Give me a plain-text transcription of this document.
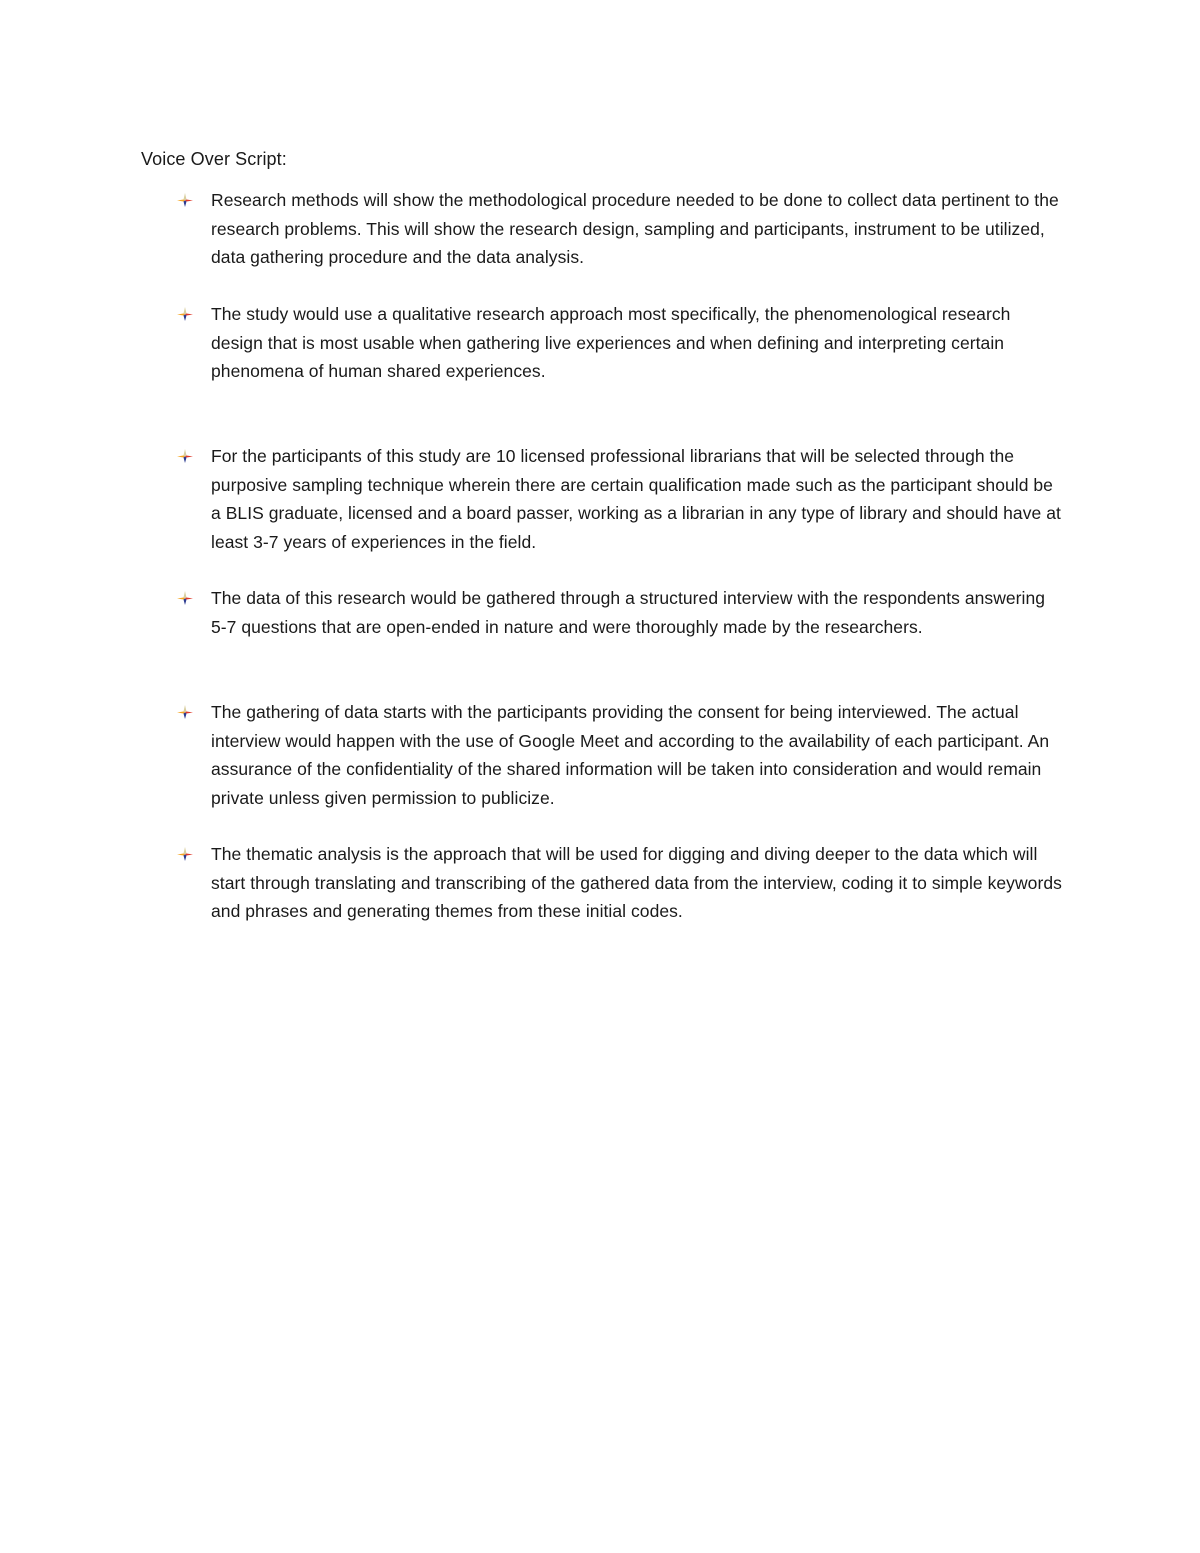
Voice Over Script:

Research methods will show the methodological procedure needed to be done to collect data pertinent to the research problems. This will show the research design, sampling and participants, instrument to be utilized, data gathering procedure and the data analysis.

The study would use a qualitative research approach most specifically, the phenomenological research design that is most usable when gathering live experiences and when defining and interpreting certain phenomena of human shared experiences.

For the participants of this study are 10 licensed professional librarians that will be selected through the purposive sampling technique wherein there are certain qualification made such as the participant should be a BLIS graduate, licensed and a board passer, working as a librarian in any type of library and should have at least 3-7 years of experiences in the field.

The data of this research would be gathered through a structured interview with the respondents answering 5-7 questions that are open-ended in nature and were thoroughly made by the researchers.

The gathering of data starts with the participants providing the consent for being interviewed. The actual interview would happen with the use of Google Meet and according to the availability of each participant. An assurance of the confidentiality of the shared information will be taken into consideration and would remain private unless given permission to publicize.

The thematic analysis is the approach that will be used for digging and diving deeper to the data which will start through translating and transcribing of the gathered data from the interview, coding it to simple keywords and phrases and generating themes from these initial codes.
